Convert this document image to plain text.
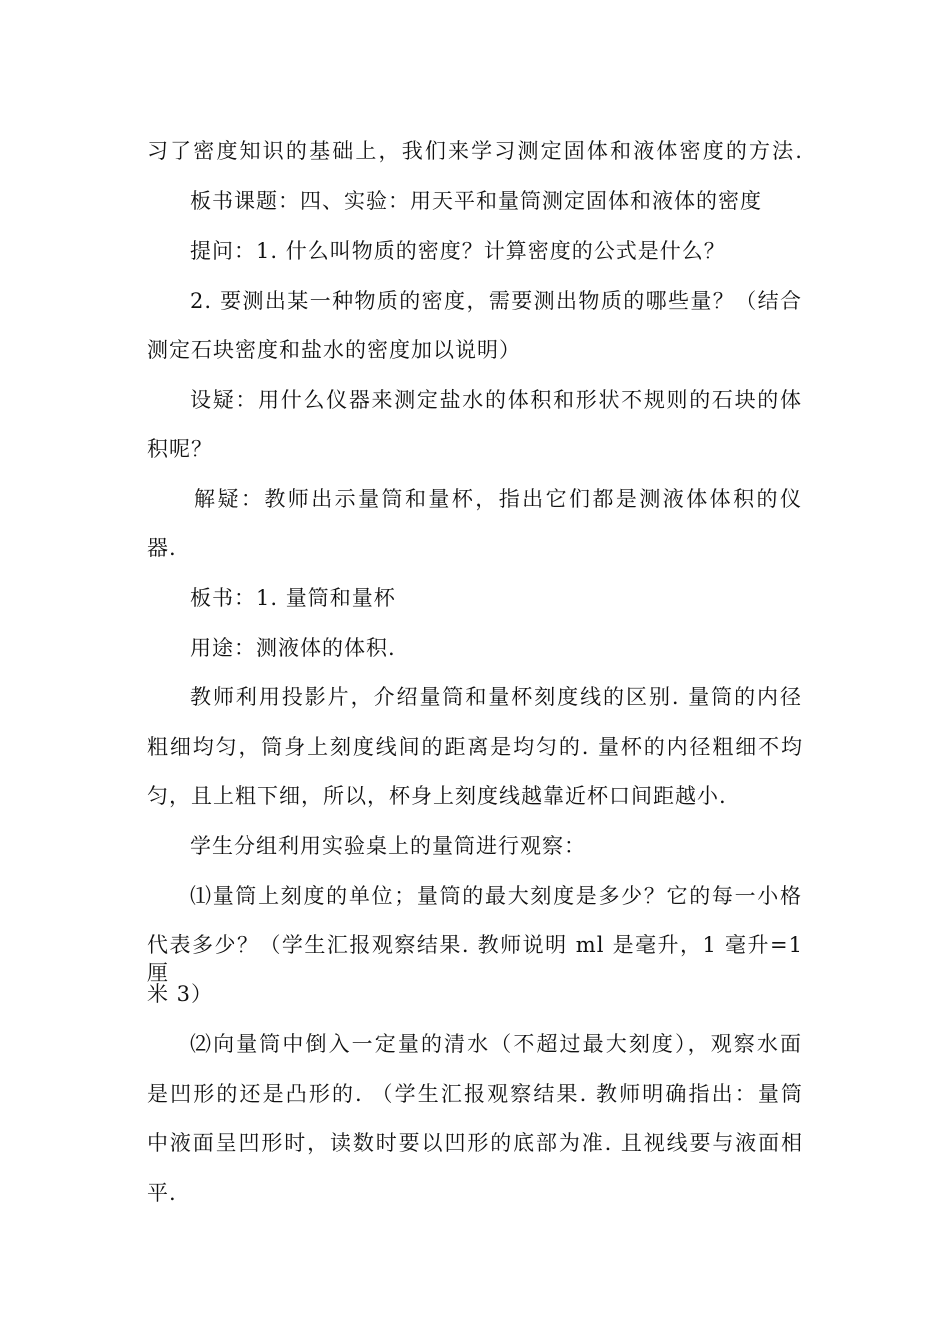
习了密度知识的基础上，我们来学习测定固体和液体密度的方法.
板书课题：四、实验：用天平和量筒测定固体和液体的密度
提问：1. 什么叫物质的密度？计算密度的公式是什么？
2. 要测出某一种物质的密度，需要测出物质的哪些量？（结合
测定石块密度和盐水的密度加以说明）
设疑：用什么仪器来测定盐水的体积和形状不规则的石块的体
积呢？
解疑：教师出示量筒和量杯，指出它们都是测液体体积的仪
器.
板书：1. 量筒和量杯
用途：测液体的体积.
教师利用投影片，介绍量筒和量杯刻度线的区别. 量筒的内径
粗细均匀，筒身上刻度线间的距离是均匀的. 量杯的内径粗细不均
匀，且上粗下细，所以，杯身上刻度线越靠近杯口间距越小.
学生分组利用实验桌上的量筒进行观察：
⑴量筒上刻度的单位；量筒的最大刻度是多少？它的每一小格
代表多少？（学生汇报观察结果. 教师说明 ml 是毫升，1 毫升=1 厘
米 3）
⑵向量筒中倒入一定量的清水（不超过最大刻度），观察水面
是凹形的还是凸形的. （学生汇报观察结果. 教师明确指出：量筒
中液面呈凹形时，读数时要以凹形的底部为准. 且视线要与液面相
平.
